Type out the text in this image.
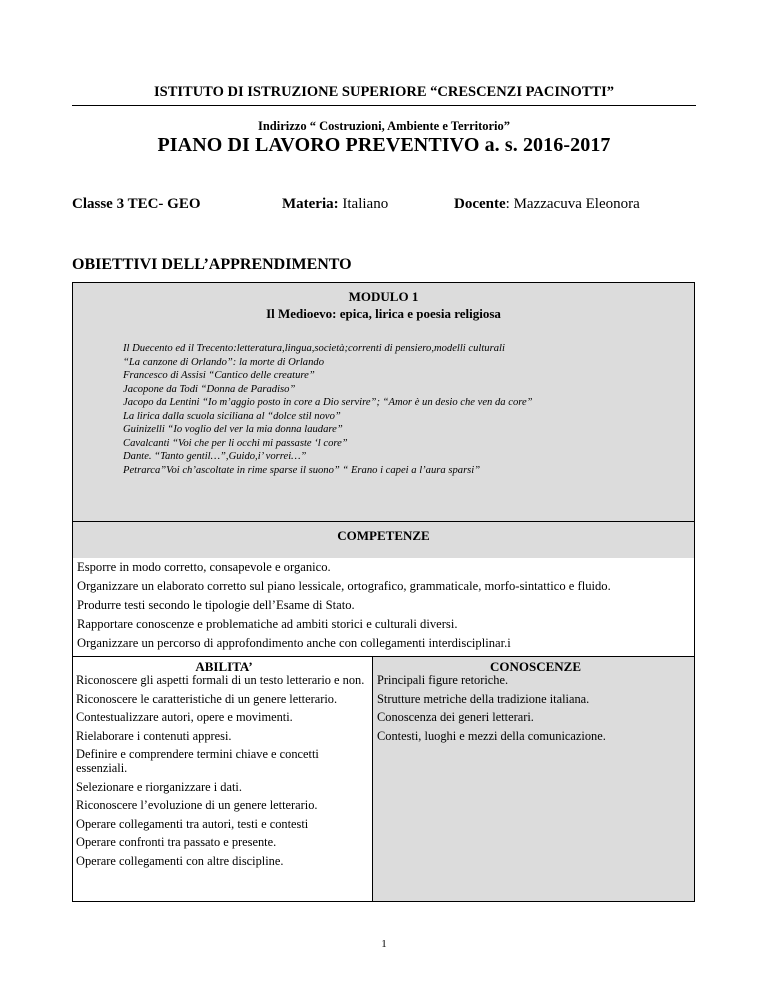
ISTITUTO DI ISTRUZIONE SUPERIORE “CRESCENZI PACINOTTI”
Indirizzo “ Costruzioni, Ambiente e Territorio”
PIANO DI LAVORO PREVENTIVO a. s. 2016-2017
Classe 3 TEC- GEO	Materia: Italiano	Docente: Mazzacuva Eleonora
OBIETTIVI DELL’APPRENDIMENTO
MODULO 1
Il Medioevo: epica, lirica e poesia religiosa
Il Duecento ed il Trecento:letteratura,lingua,società;correnti di pensiero,modelli culturali
“La canzone di Orlando”: la morte di Orlando
Francesco di Assisi “Cantico delle creature”
Jacopone da Todi “Donna de Paradiso”
Jacopo da Lentini “Io m’aggio posto in core a Dio servire”; “Amor è un desio che ven da core”
La lirica dalla scuola siciliana al “dolce stil novo”
Guinizelli “Io voglio del ver la mia donna laudare”
Cavalcanti “Voi che per li occhi mi passaste ‘l core”
Dante. “Tanto gentil…”,Guido,i’ vorrei…”
Petrarca”Voi ch’ascoltate in rime sparse il suono” “ Erano i capei a l’aura sparsi”
COMPETENZE
Esporre in modo corretto, consapevole e organico.
Organizzare un elaborato corretto sul piano lessicale, ortografico, grammaticale, morfo-sintattico e fluido.
Produrre testi secondo le tipologie dell’Esame di Stato.
Rapportare conoscenze e problematiche ad ambiti storici e culturali diversi.
Organizzare un percorso di approfondimento anche con collegamenti interdisciplinar.i
ABILITA’
Riconoscere gli aspetti formali di un testo letterario e non.
Riconoscere le caratteristiche di un genere letterario.
Contestualizzare autori, opere e movimenti.
Rielaborare i contenuti appresi.
Definire e comprendere termini chiave e concetti essenziali.
Selezionare e riorganizzare i dati.
Riconoscere l’evoluzione di un genere letterario.
Operare collegamenti tra autori, testi e contesti
Operare confronti tra passato e presente.
Operare collegamenti con altre discipline.
CONOSCENZE
Principali figure retoriche.
Strutture metriche della tradizione italiana.
Conoscenza dei generi letterari.
Contesti, luoghi e mezzi della comunicazione.
1
